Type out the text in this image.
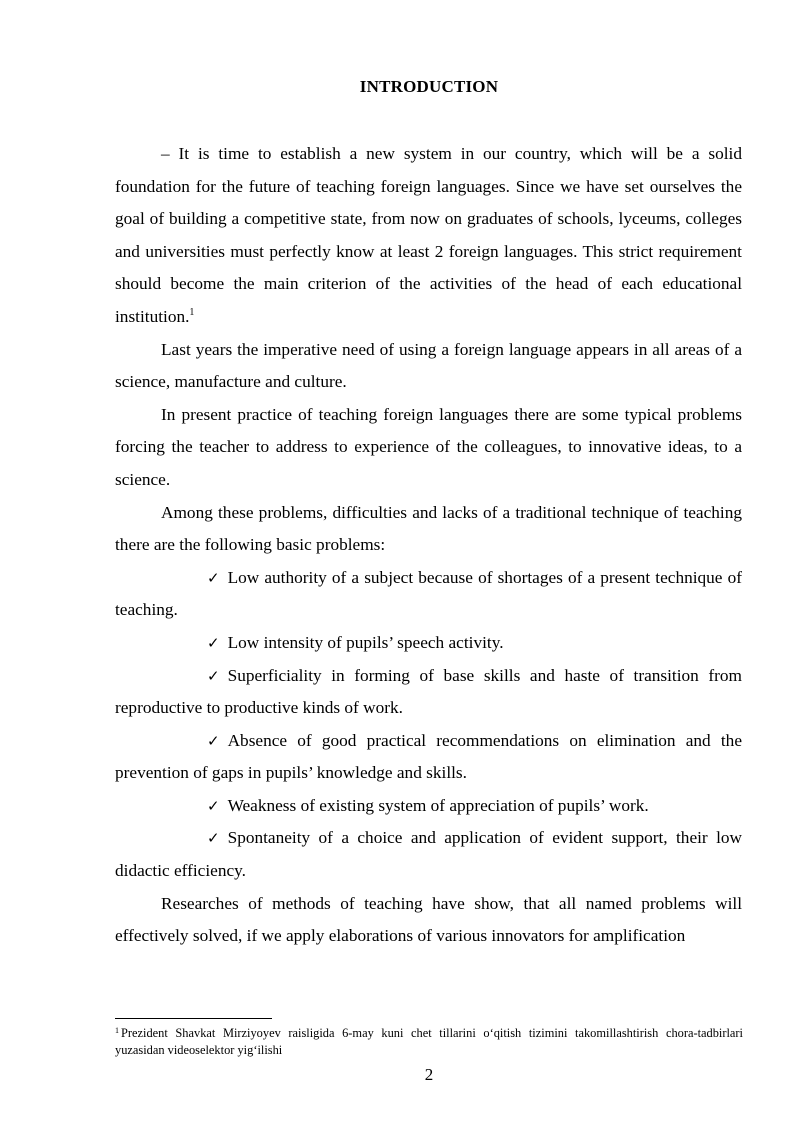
INTRODUCTION

– It is time to establish a new system in our country, which will be a solid foundation for the future of teaching foreign languages. Since we have set ourselves the goal of building a competitive state, from now on graduates of schools, lyceums, colleges and universities must perfectly know at least 2 foreign languages. This strict requirement should become the main criterion of the activities of the head of each educational institution.$^1$

Last years the imperative need of using a foreign language appears in all areas of a science, manufacture and culture.

In present practice of teaching foreign languages there are some typical problems forcing the teacher to address to experience of the colleagues, to innovative ideas, to a science.

Among these problems, difficulties and lacks of a traditional technique of teaching there are the following basic problems:

✓ Low authority of a subject because of shortages of a present technique of teaching.

✓ Low intensity of pupils’ speech activity.

✓ Superficiality in forming of base skills and haste of transition from reproductive to productive kinds of work.

✓ Absence of good practical recommendations on elimination and the prevention of gaps in pupils’ knowledge and skills.

✓ Weakness of existing system of appreciation of pupils’ work.

✓ Spontaneity of a choice and application of evident support, their low didactic efficiency.

Researches of methods of teaching have show, that all named problems will effectively solved, if we apply elaborations of various innovators for amplification

$^1$ Prezident Shavkat Mirziyoyev raisligida 6-may kuni chet tillarini oʻqitish tizimini takomillashtirish chora-tadbirlari yuzasidan videoselektor yigʻilishi
2
